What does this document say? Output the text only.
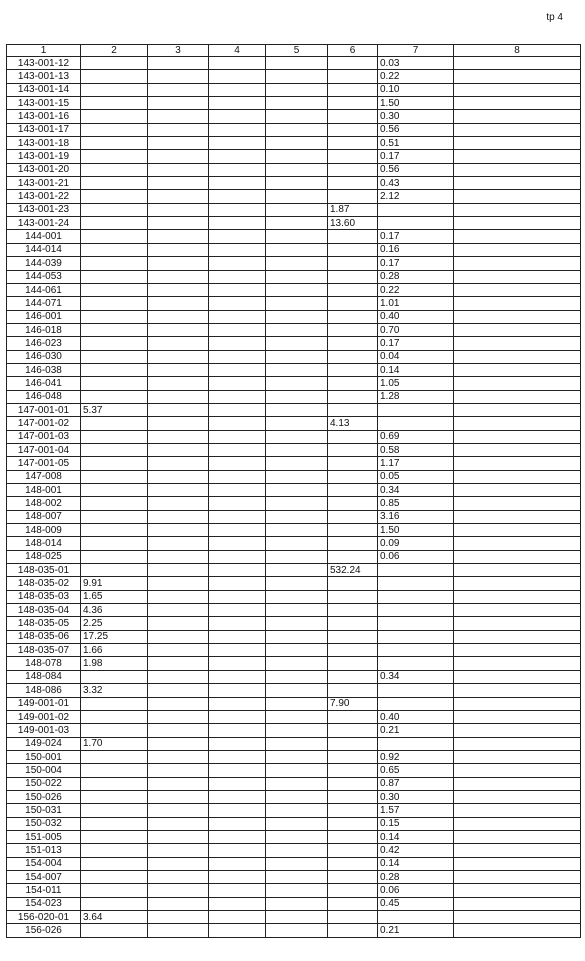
tp 4
1	2	3	4	5	6	7	8
143-001-12						0.03	
143-001-13						0.22	
143-001-14						0.10	
143-001-15						1.50	
143-001-16						0.30	
143-001-17						0.56	
143-001-18						0.51	
143-001-19						0.17	
143-001-20						0.56	
143-001-21						0.43	
143-001-22						2.12	
143-001-23					1.87		
143-001-24					13.60		
144-001						0.17	
144-014						0.16	
144-039						0.17	
144-053						0.28	
144-061						0.22	
144-071						1.01	
146-001						0.40	
146-018						0.70	
146-023						0.17	
146-030						0.04	
146-038						0.14	
146-041						1.05	
146-048						1.28	
147-001-01	5.37						
147-001-02					4.13		
147-001-03						0.69	
147-001-04						0.58	
147-001-05						1.17	
147-008						0.05	
148-001						0.34	
148-002						0.85	
148-007						3.16	
148-009						1.50	
148-014						0.09	
148-025						0.06	
148-035-01					532.24		
148-035-02	9.91						
148-035-03	1.65						
148-035-04	4.36						
148-035-05	2.25						
148-035-06	17.25						
148-035-07	1.66						
148-078	1.98						
148-084						0.34	
148-086	3.32						
149-001-01					7.90		
149-001-02						0.40	
149-001-03						0.21	
149-024	1.70						
150-001						0.92	
150-004						0.65	
150-022						0.87	
150-026						0.30	
150-031						1.57	
150-032						0.15	
151-005						0.14	
151-013						0.42	
154-004						0.14	
154-007						0.28	
154-011						0.06	
154-023						0.45	
156-020-01	3.64						
156-026						0.21	
